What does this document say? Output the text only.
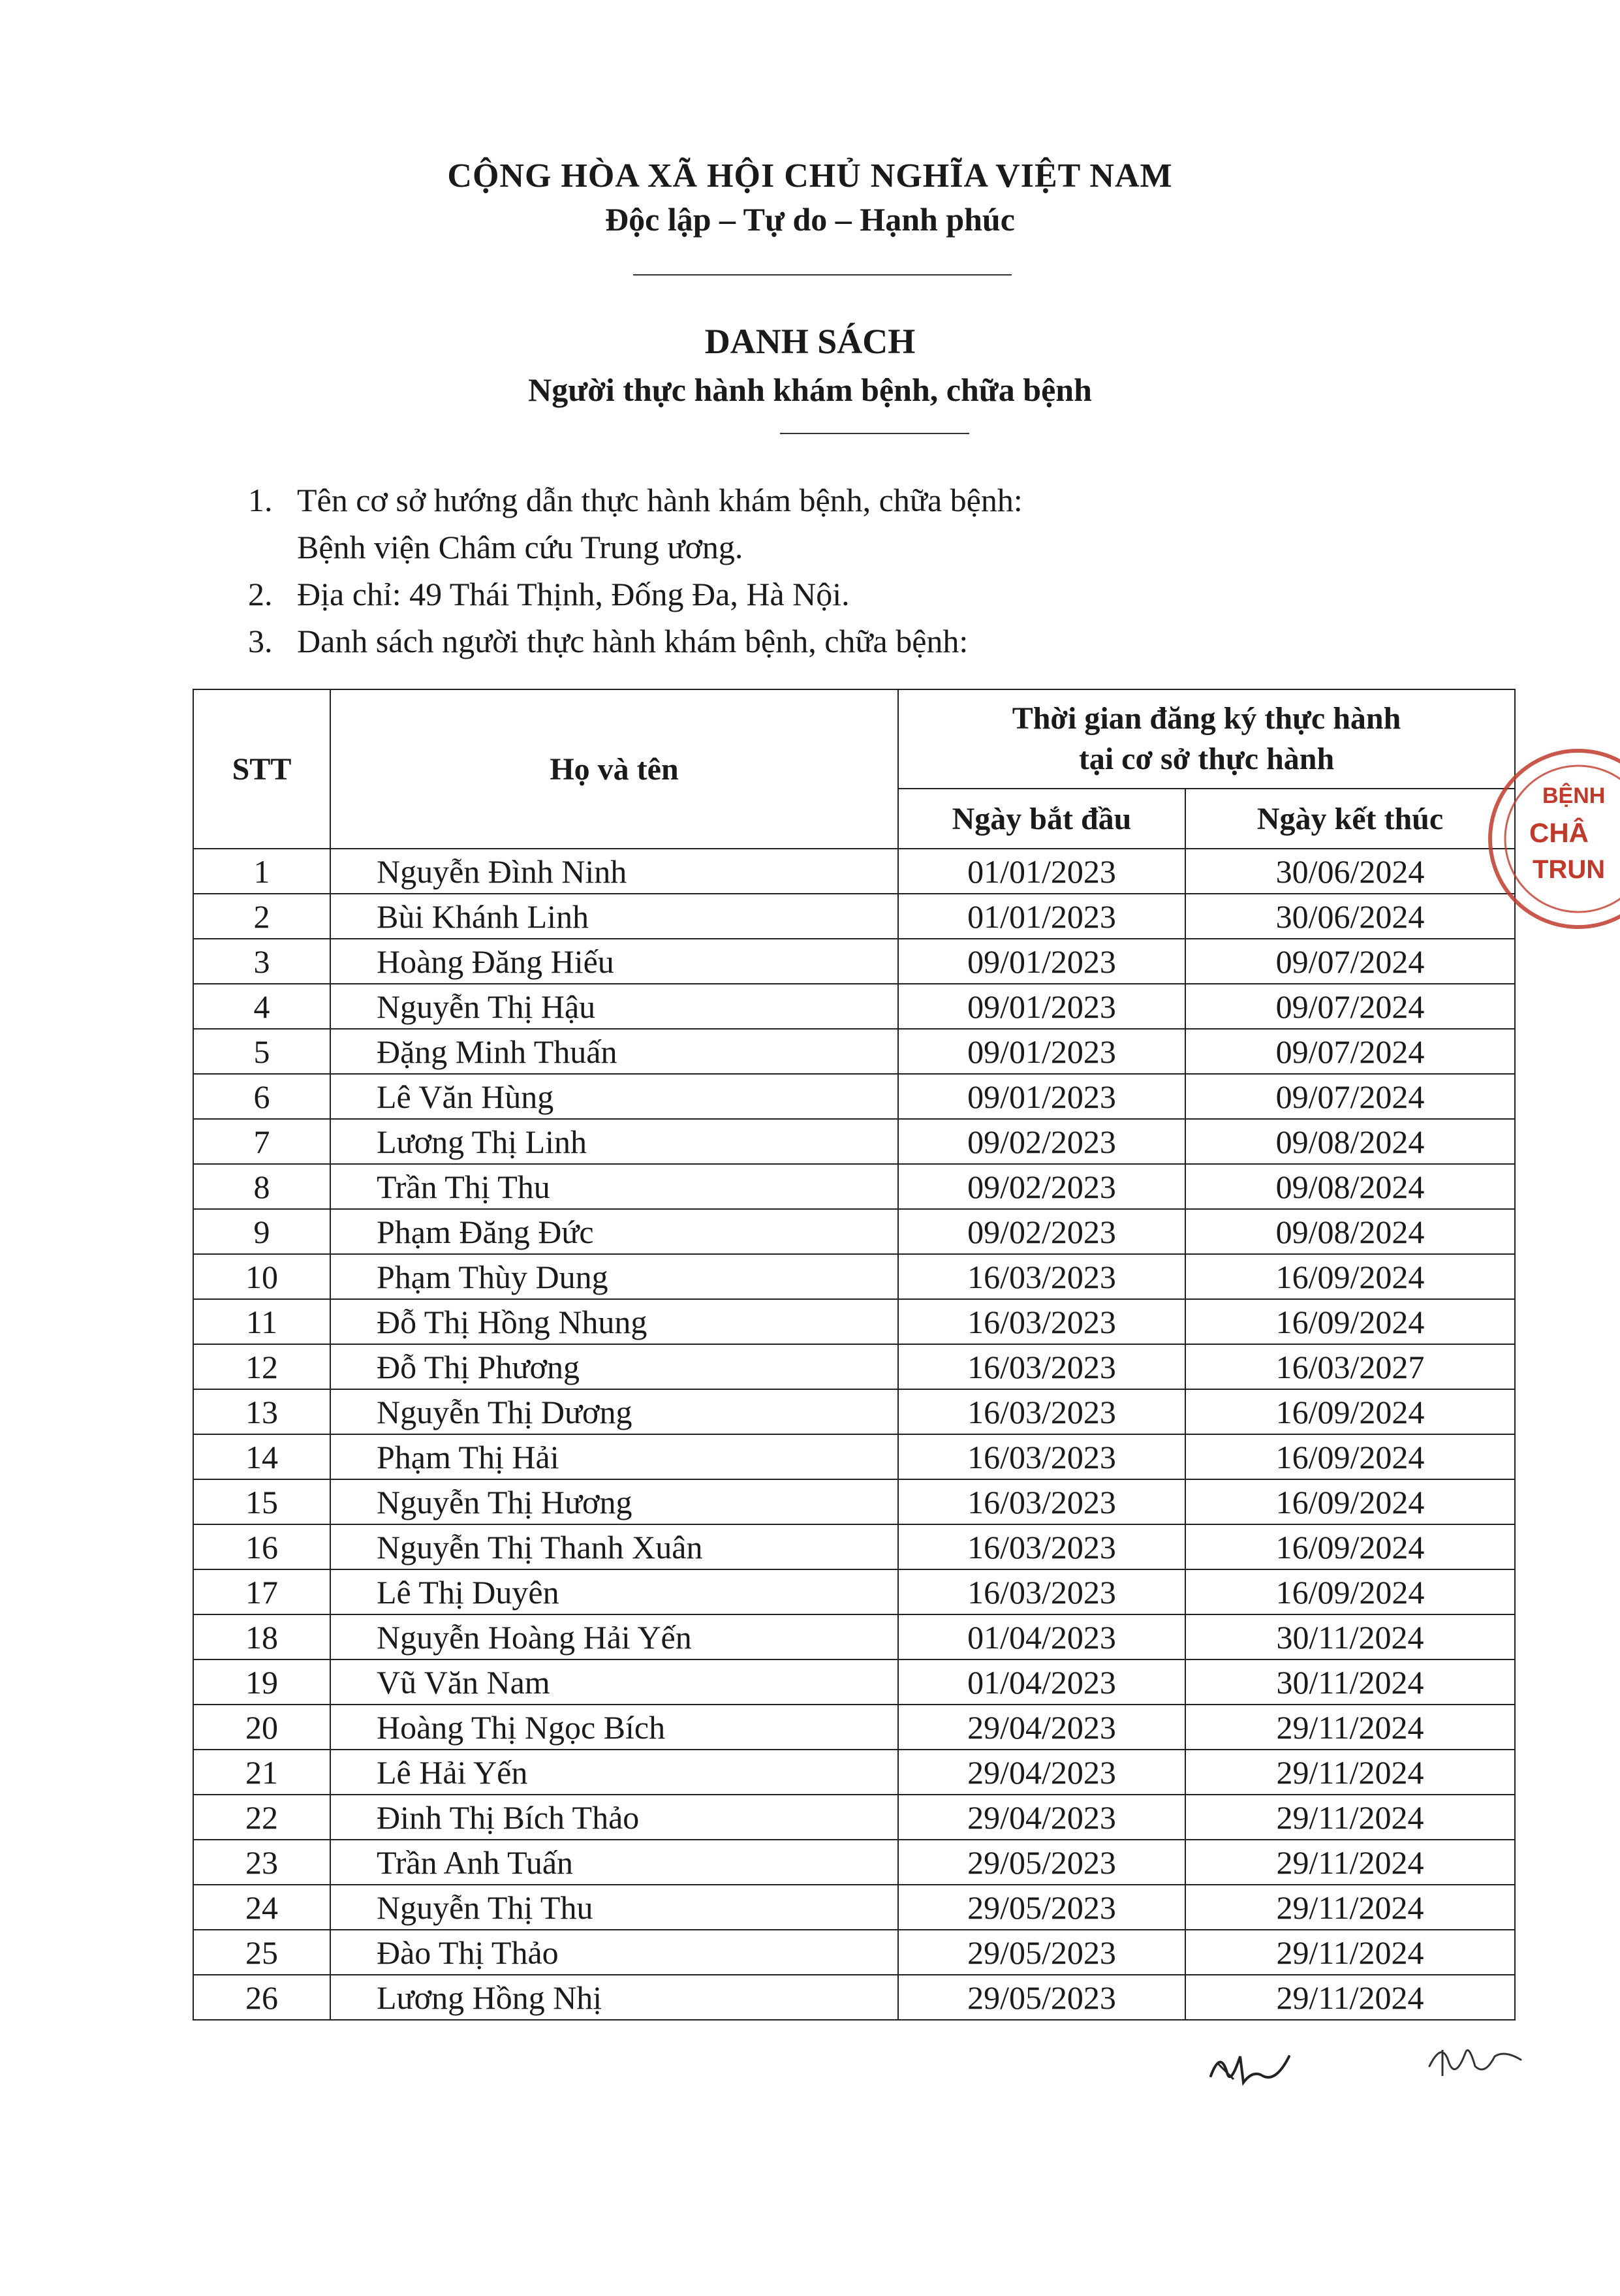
CỘNG HÒA XÃ HỘI CHỦ NGHĨA VIỆT NAM
Độc lập – Tự do – Hạnh phúc
DANH SÁCH
Người thực hành khám bệnh, chữa bệnh
1. Tên cơ sở hướng dẫn thực hành khám bệnh, chữa bệnh:
Bệnh viện Châm cứu Trung ương.
2. Địa chỉ: 49 Thái Thịnh, Đống Đa, Hà Nội.
3. Danh sách người thực hành khám bệnh, chữa bệnh:
STT	Họ và tên	Thời gian đăng ký thực hành
tại cơ sở thực hành	

		Ngày bắt đầu	Ngày kết thúc
1	Nguyễn Đình Ninh	01/01/2023	30/06/2024
2	Bùi Khánh Linh	01/01/2023	30/06/2024
3	Hoàng Đăng Hiếu	09/01/2023	09/07/2024
4	Nguyễn Thị Hậu	09/01/2023	09/07/2024
5	Đặng Minh Thuấn	09/01/2023	09/07/2024
6	Lê Văn Hùng	09/01/2023	09/07/2024
7	Lương Thị Linh	09/02/2023	09/08/2024
8	Trần Thị Thu	09/02/2023	09/08/2024
9	Phạm Đăng Đức	09/02/2023	09/08/2024
10	Phạm Thùy Dung	16/03/2023	16/09/2024
11	Đỗ Thị Hồng Nhung	16/03/2023	16/09/2024
12	Đỗ Thị Phương	16/03/2023	16/03/2027
13	Nguyễn Thị Dương	16/03/2023	16/09/2024
14	Phạm Thị Hải	16/03/2023	16/09/2024
15	Nguyễn Thị Hương	16/03/2023	16/09/2024
16	Nguyễn Thị Thanh Xuân	16/03/2023	16/09/2024
17	Lê Thị Duyên	16/03/2023	16/09/2024
18	Nguyễn Hoàng Hải Yến	01/04/2023	30/11/2024
19	Vũ Văn Nam	01/04/2023	30/11/2024
20	Hoàng Thị Ngọc Bích	29/04/2023	29/11/2024
21	Lê Hải Yến	29/04/2023	29/11/2024
22	Đinh Thị Bích Thảo	29/04/2023	29/11/2024
23	Trần Anh Tuấn	29/05/2023	29/11/2024
24	Nguyễn Thị Thu	29/05/2023	29/11/2024
25	Đào Thị Thảo	29/05/2023	29/11/2024
26	Lương Hồng Nhị	29/05/2023	29/11/2024
BỆNH
CHÂ
TRUN
